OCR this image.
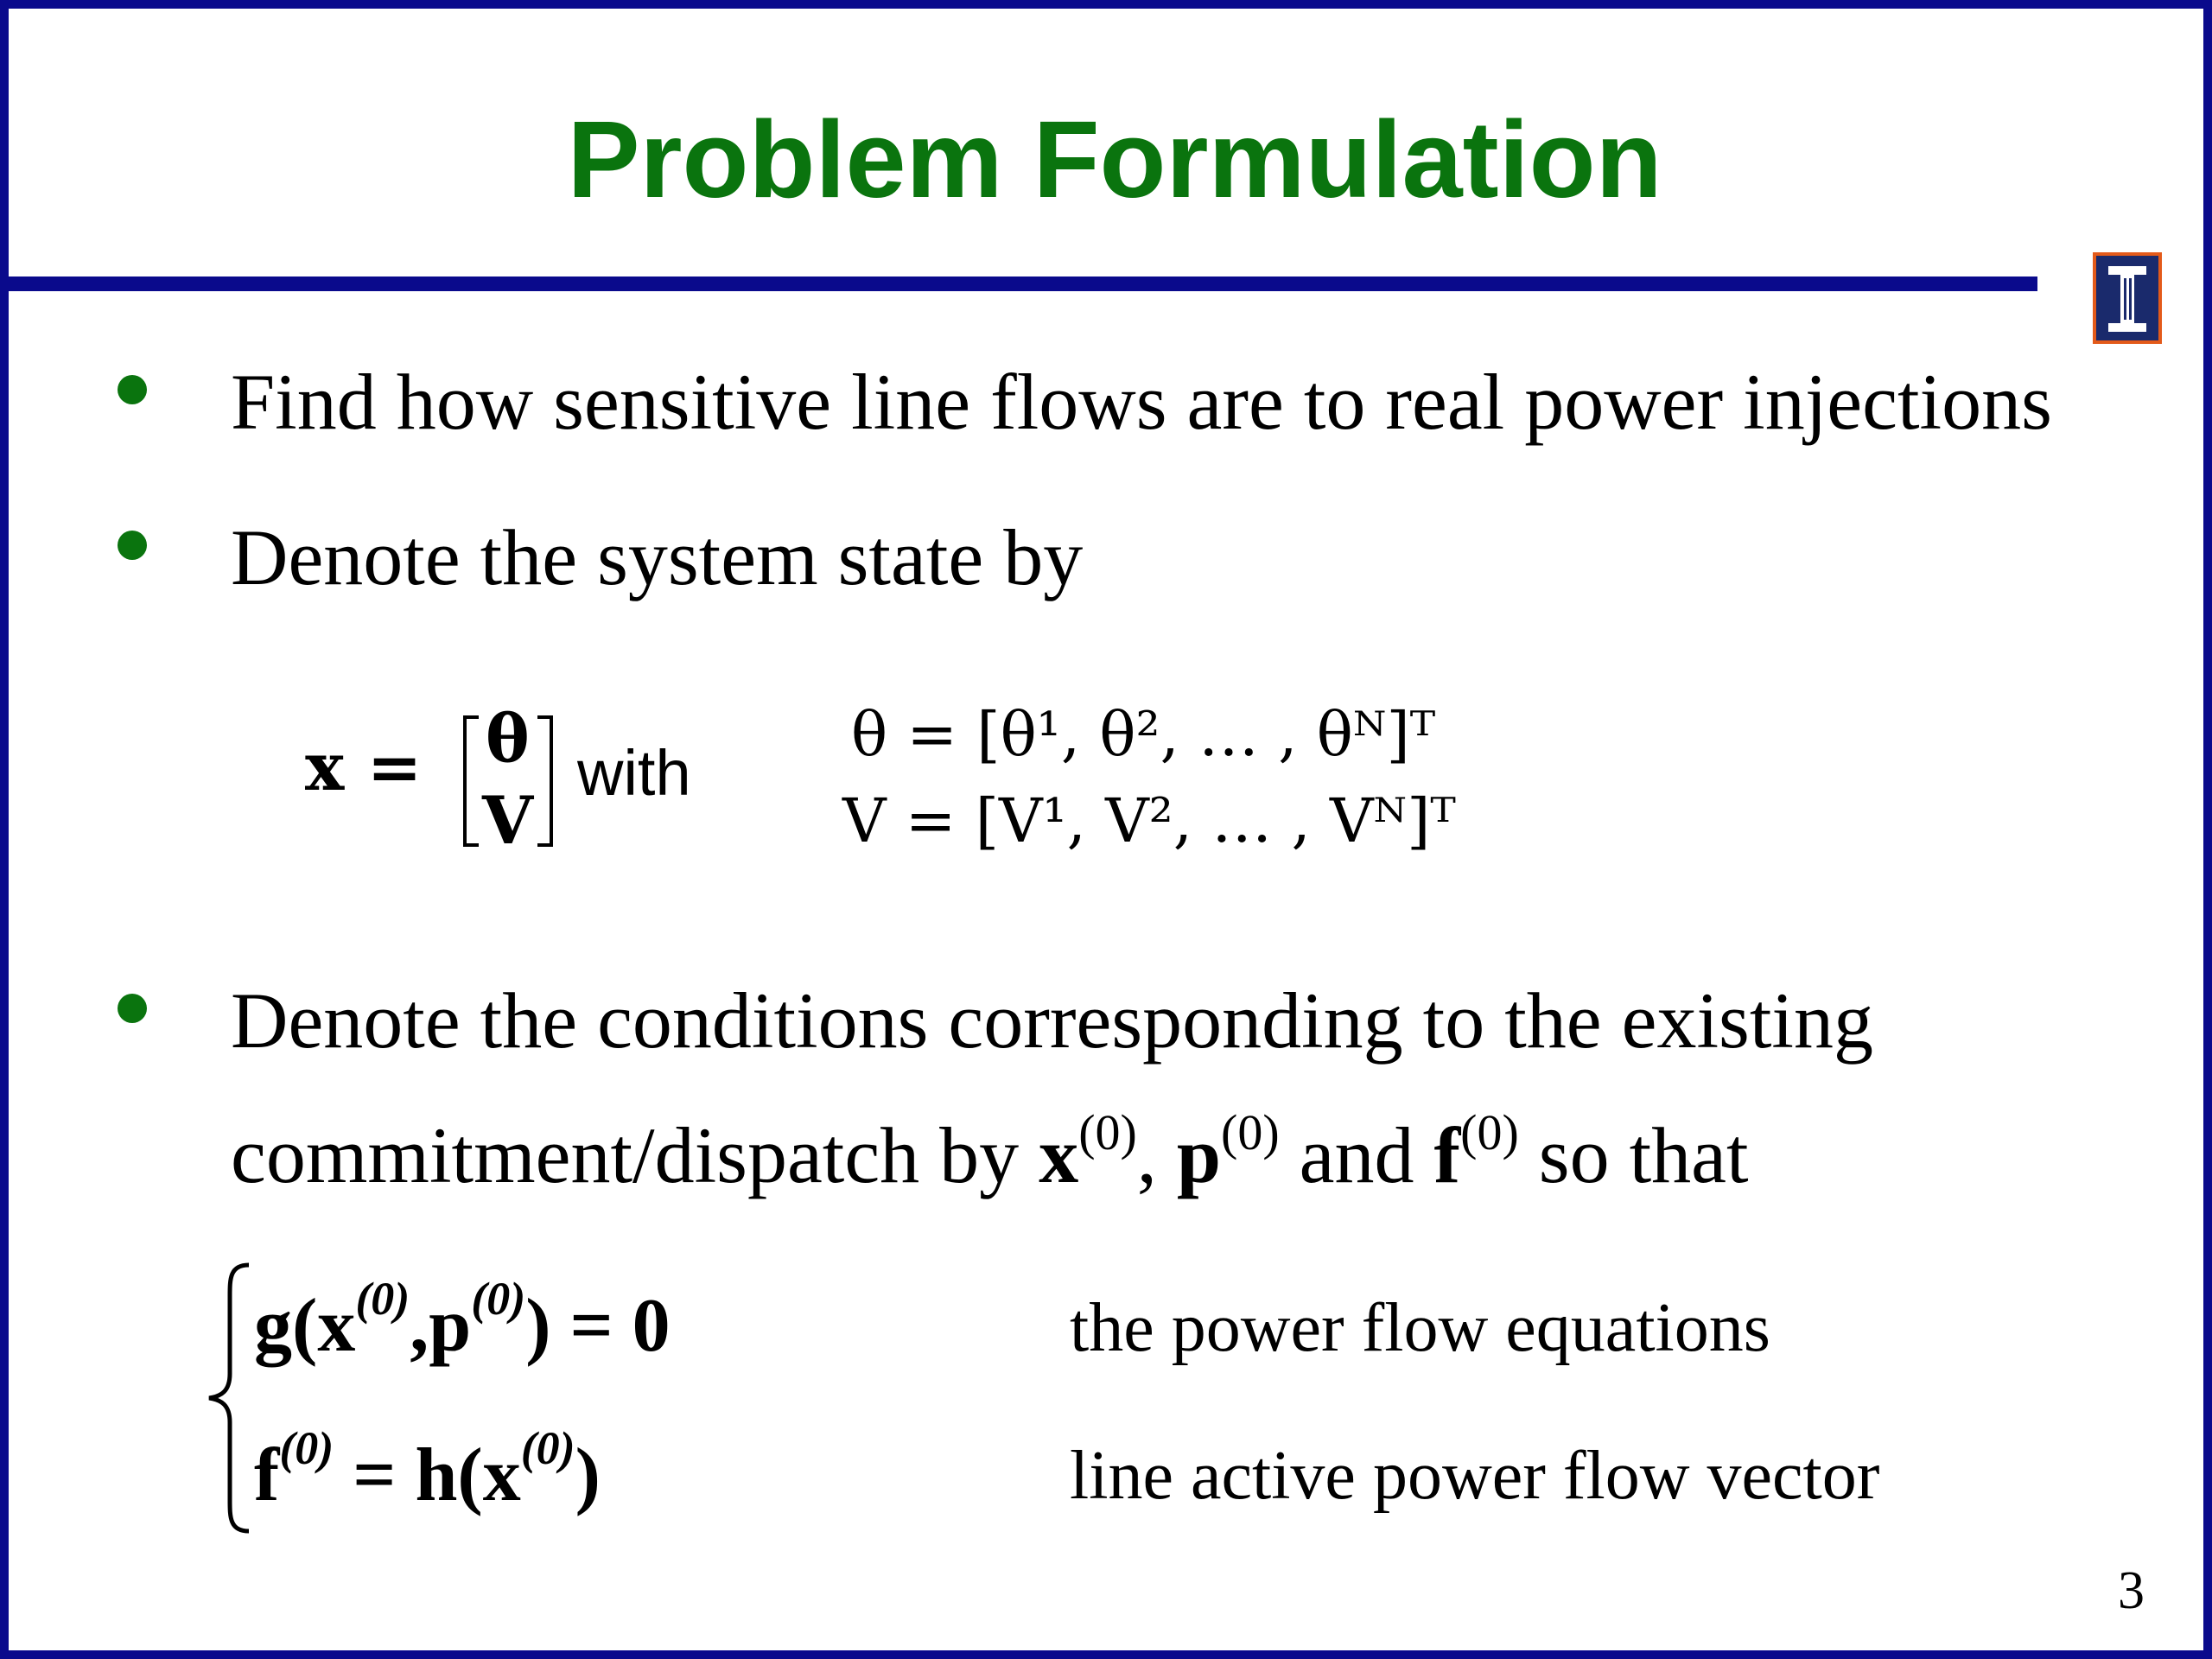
Problem Formulation
Find how sensitive line flows are to real power injections
Denote the system state by
x = θ
V
with
θ = [θ¹, θ², … , θᴺ]ᵀ
V = [V¹, V², … , Vᴺ]ᵀ
Denote the conditions corresponding to the existing
commitment/dispatch by $x^{(0)}$, $p^{(0)}$ and $f^{(0)}$ so that
$g(x^{(0)},p^{(0)}) = 0$	the power flow equations
$f^{(0)} = h(x^{(0)})$	line active power flow vector
3
